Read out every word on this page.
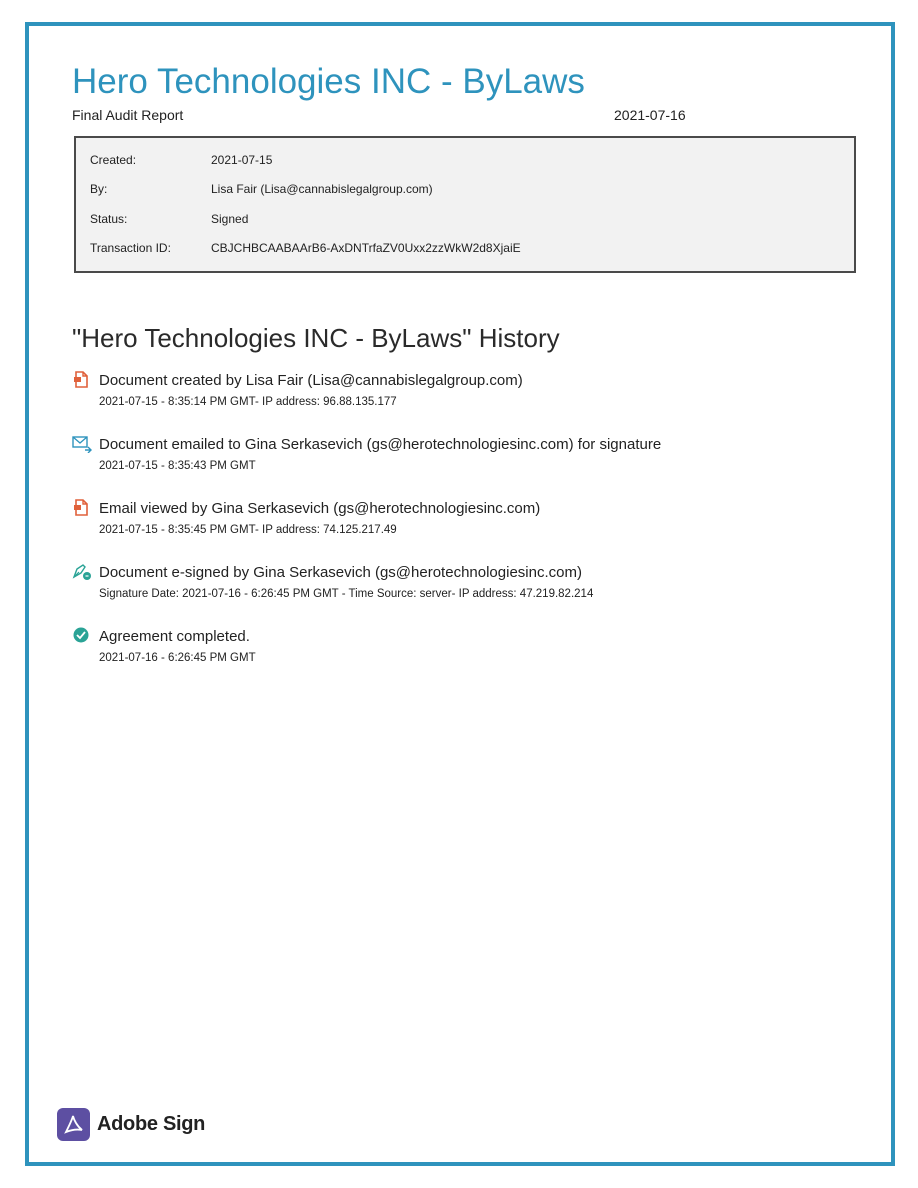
Hero Technologies INC - ByLaws
Final Audit Report	2021-07-16
Created:	2021-07-15
By:	Lisa Fair (Lisa@cannabislegalgroup.com)
Status:	Signed
Transaction ID:	CBJCHBCAABAArB6-AxDNTrfaZV0Uxx2zzWkW2d8XjaiE
"Hero Technologies INC - ByLaws" History
Document created by Lisa Fair (Lisa@cannabislegalgroup.com)
2021-07-15 - 8:35:14 PM GMT- IP address: 96.88.135.177
Document emailed to Gina Serkasevich (gs@herotechnologiesinc.com) for signature
2021-07-15 - 8:35:43 PM GMT
Email viewed by Gina Serkasevich (gs@herotechnologiesinc.com)
2021-07-15 - 8:35:45 PM GMT- IP address: 74.125.217.49
Document e-signed by Gina Serkasevich (gs@herotechnologiesinc.com)
Signature Date: 2021-07-16 - 6:26:45 PM GMT - Time Source: server- IP address: 47.219.82.214
Agreement completed.
2021-07-16 - 6:26:45 PM GMT
Adobe Sign
